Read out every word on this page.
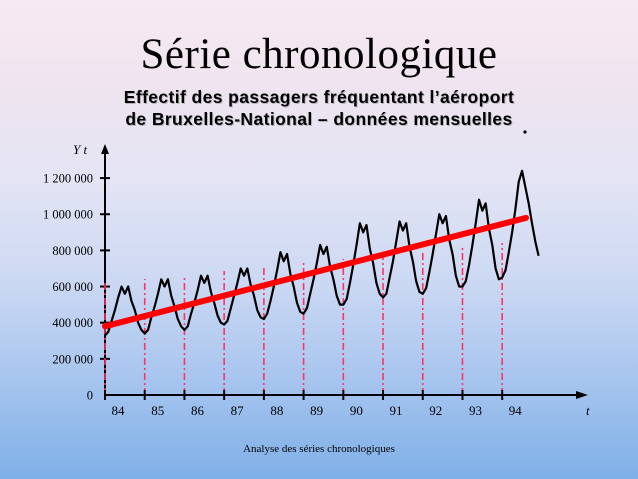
Série chronologique
Effectif des passagers fréquentant l’aéroport
de Bruxelles-National – données mensuelles
0
200 000
400 000
600 000
800 000
1 000 000
1 200 000
84 85 86 87 88 89 90 91 92 93 94
Y t
t
Analyse des séries chronologiques
